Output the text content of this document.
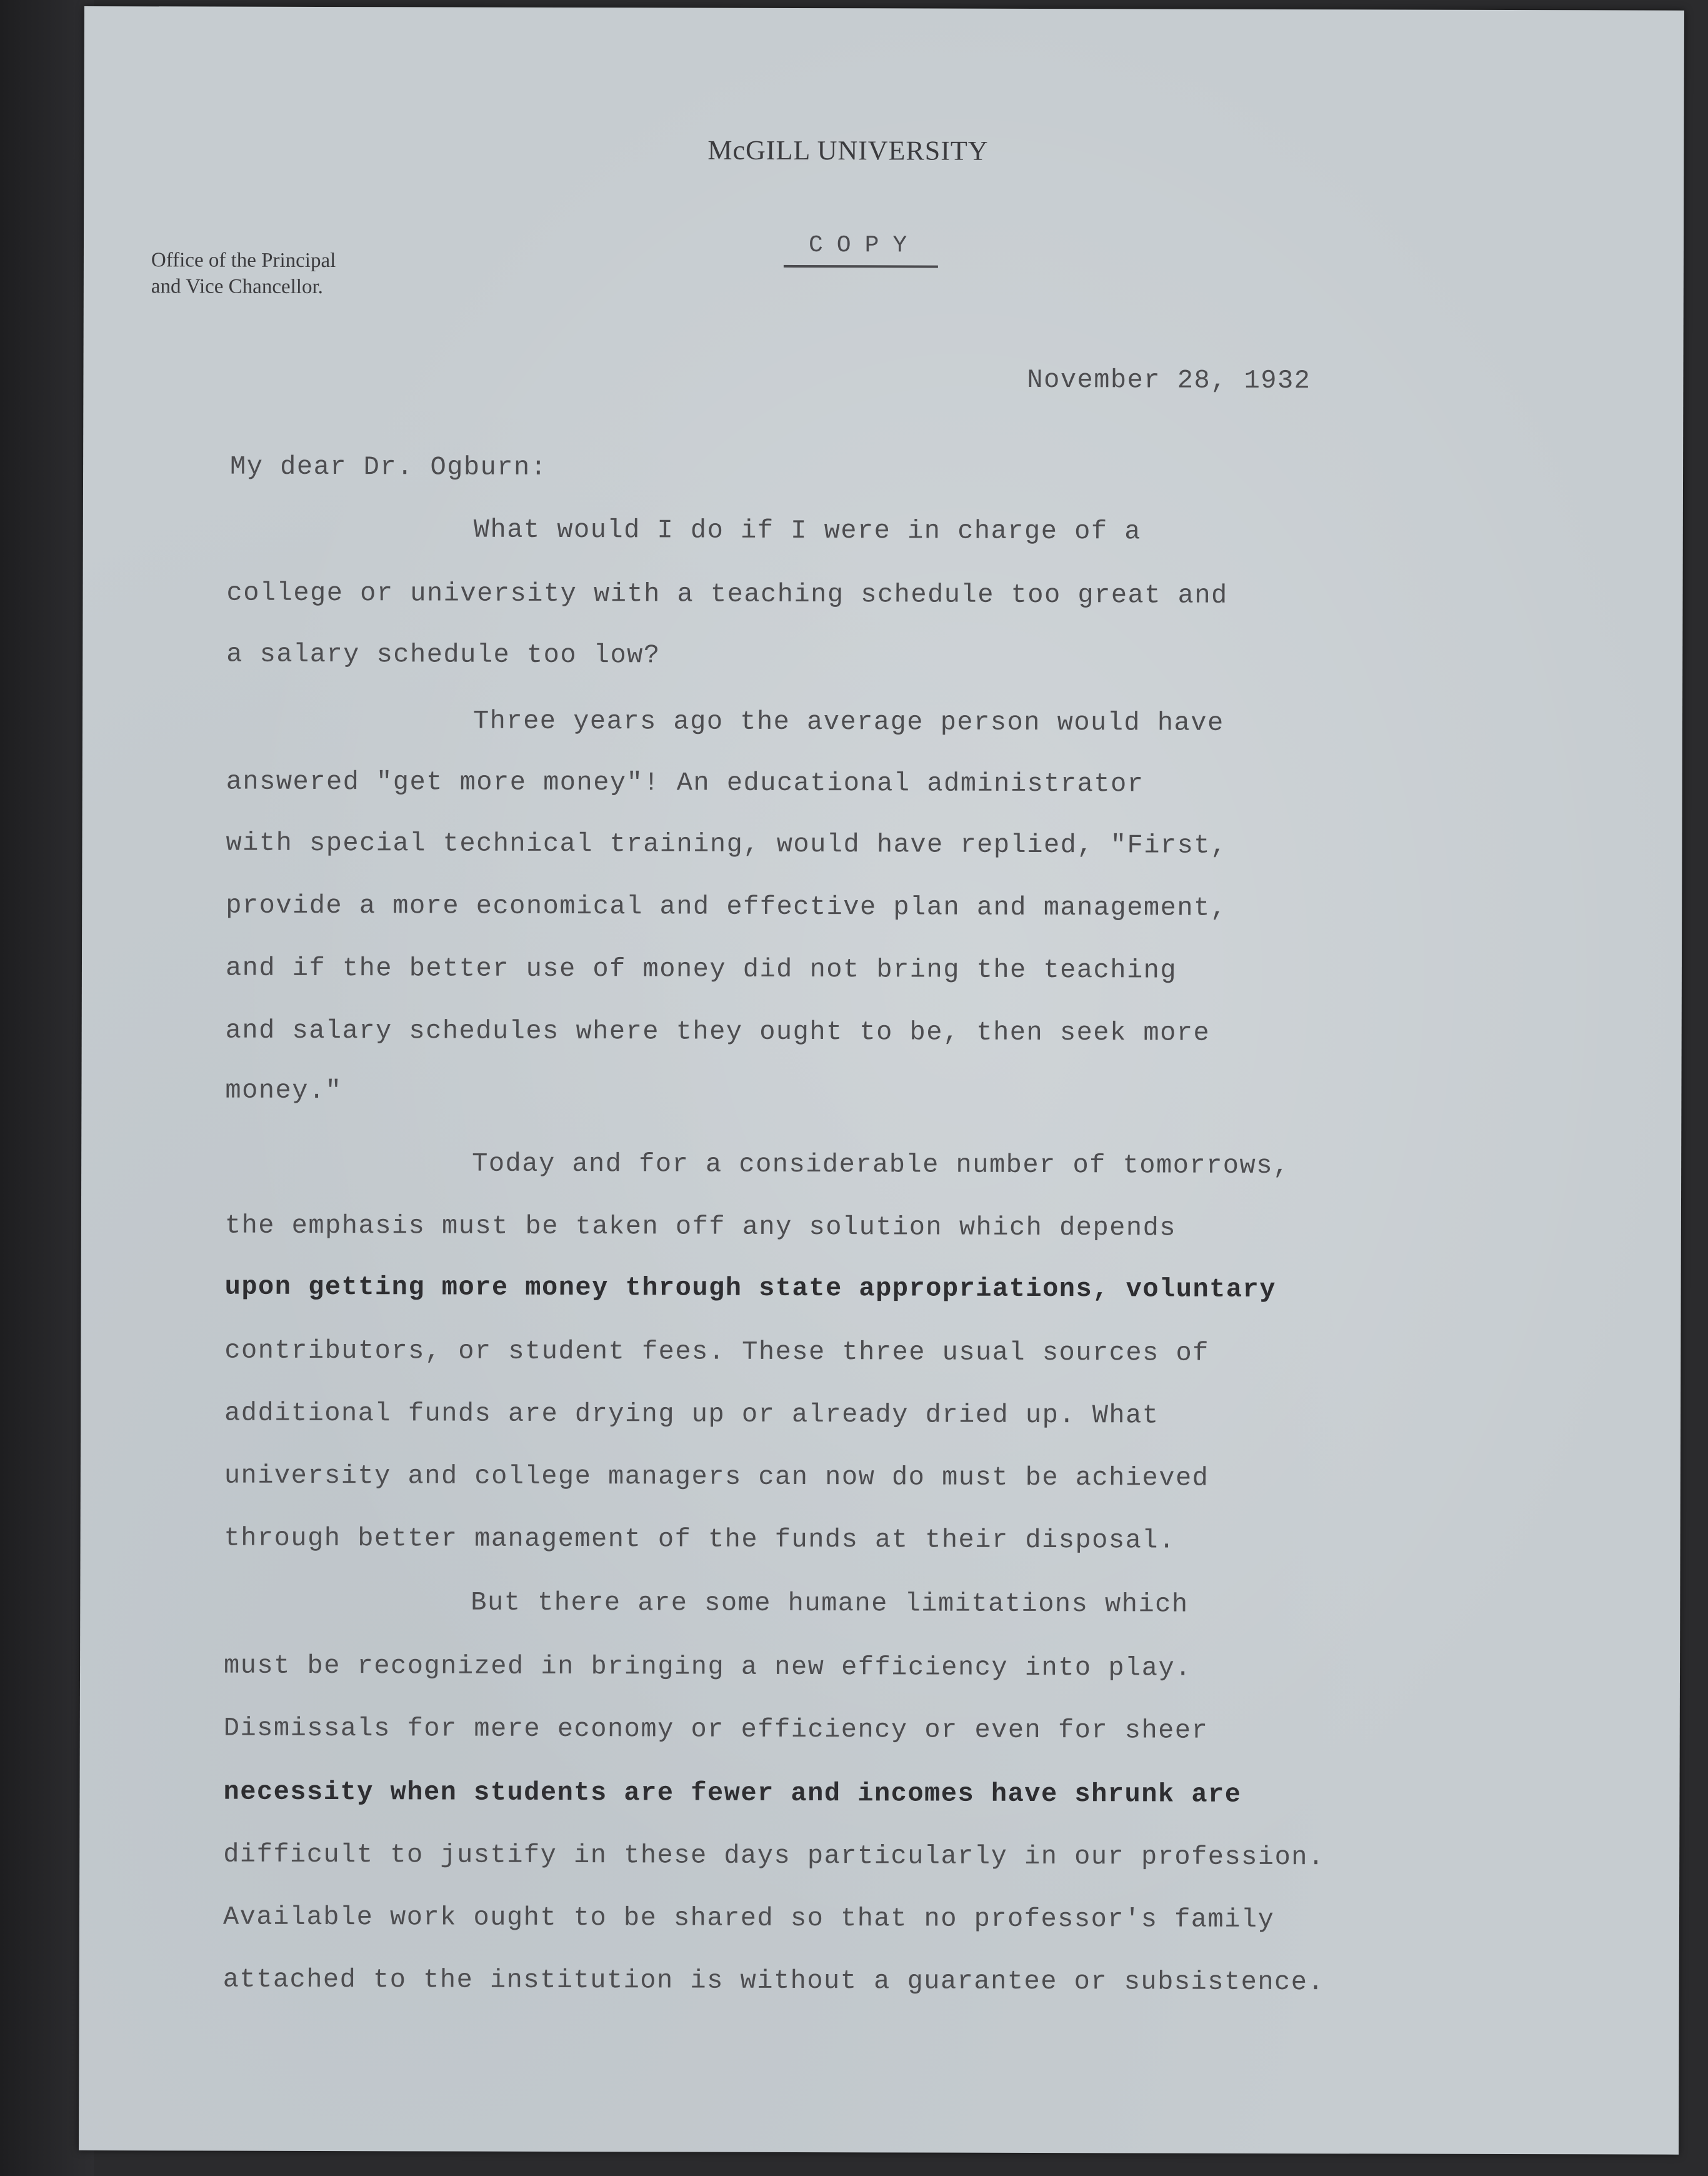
McGILL UNIVERSITY
COPY
Office of the Principal
and Vice Chancellor.
November 28, 1932
My dear Dr. Ogburn:
What would I do if I were in charge of a
college or university with a teaching schedule too great and
a salary schedule too low?
Three years ago the average person would have
answered "get more money"! An educational administrator
with special technical training, would have replied, "First,
provide a more economical and effective plan and management,
and if the better use of money did not bring the teaching
and salary schedules where they ought to be, then seek more
money."
Today and for a considerable number of tomorrows,
the emphasis must be taken off any solution which depends
upon getting more money through state appropriations, voluntary
contributors, or student fees. These three usual sources of
additional funds are drying up or already dried up. What
university and college managers can now do must be achieved
through better management of the funds at their disposal.
But there are some humane limitations which
must be recognized in bringing a new efficiency into play.
Dismissals for mere economy or efficiency or even for sheer
necessity when students are fewer and incomes have shrunk are
difficult to justify in these days particularly in our profession.
Available work ought to be shared so that no professor's family
attached to the institution is without a guarantee or subsistence.
